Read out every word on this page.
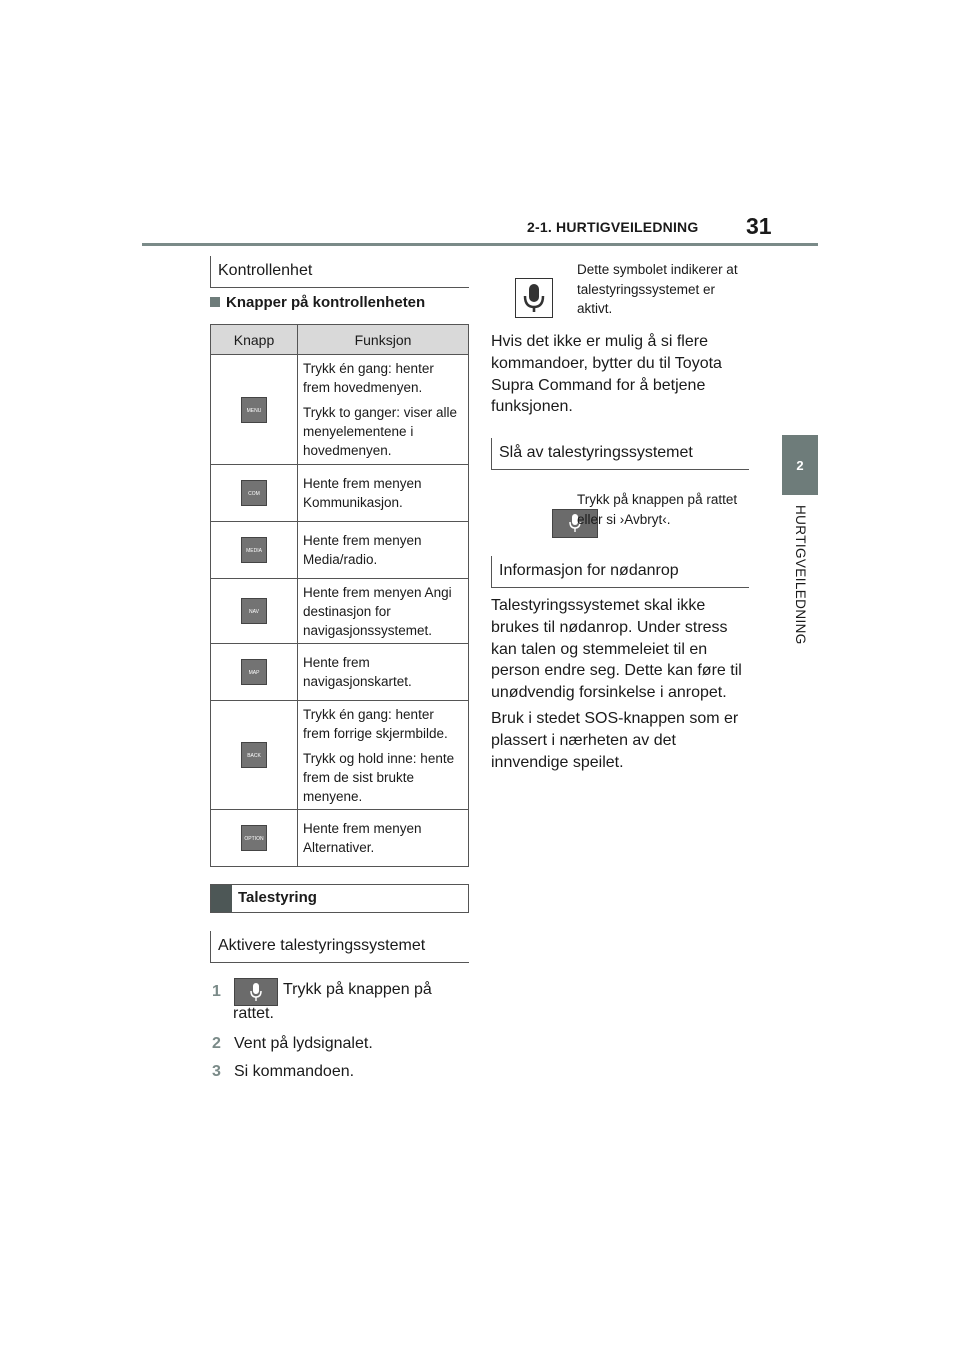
2-1. HURTIGVEILEDNING 31
2
HURTIGVEILEDNING
Kontrollenhet
Knapper på kontrollenheten
Knapp	Funksjon
MENU	Trykk én gang: henter frem hovedmenyen.

Trykk to ganger: viser alle menyelementene i hovedmenyen.

COM	Hente frem menyen Kommunikasjon.

MEDIA	Hente frem menyen Media/radio.

NAV	Hente frem menyen Angi destinasjon for navigasjonssystemet.

MAP	Hente frem navigasjonskartet.

BACK	Trykk én gang: henter frem forrige skjermbilde.

Trykk og hold inne: hente frem de sist brukte menyene.

OPTION	Hente frem menyen Alternativer.

Talestyring
Aktivere talestyringssystemet
1	Trykk på knappen på rattet.
2 Vent på lydsignalet.
3 Si kommandoen.

Dette symbolet indikerer at talestyringssystemet er aktivt.
Hvis det ikke er mulig å si flere kommandoer, bytter du til Toyota Supra Command for å betjene funksjonen.
Slå av talestyringssystemet
Trykk på knappen på rattet eller si ›Avbryt‹.
Informasjon for nødanrop
Talestyringssystemet skal ikke brukes til nødanrop. Under stress kan talen og stemmeleiet til en person endre seg. Dette kan føre til unødvendig forsinkelse i anropet.
Bruk i stedet SOS-knappen som er plassert i nærheten av det innvendige speilet.
